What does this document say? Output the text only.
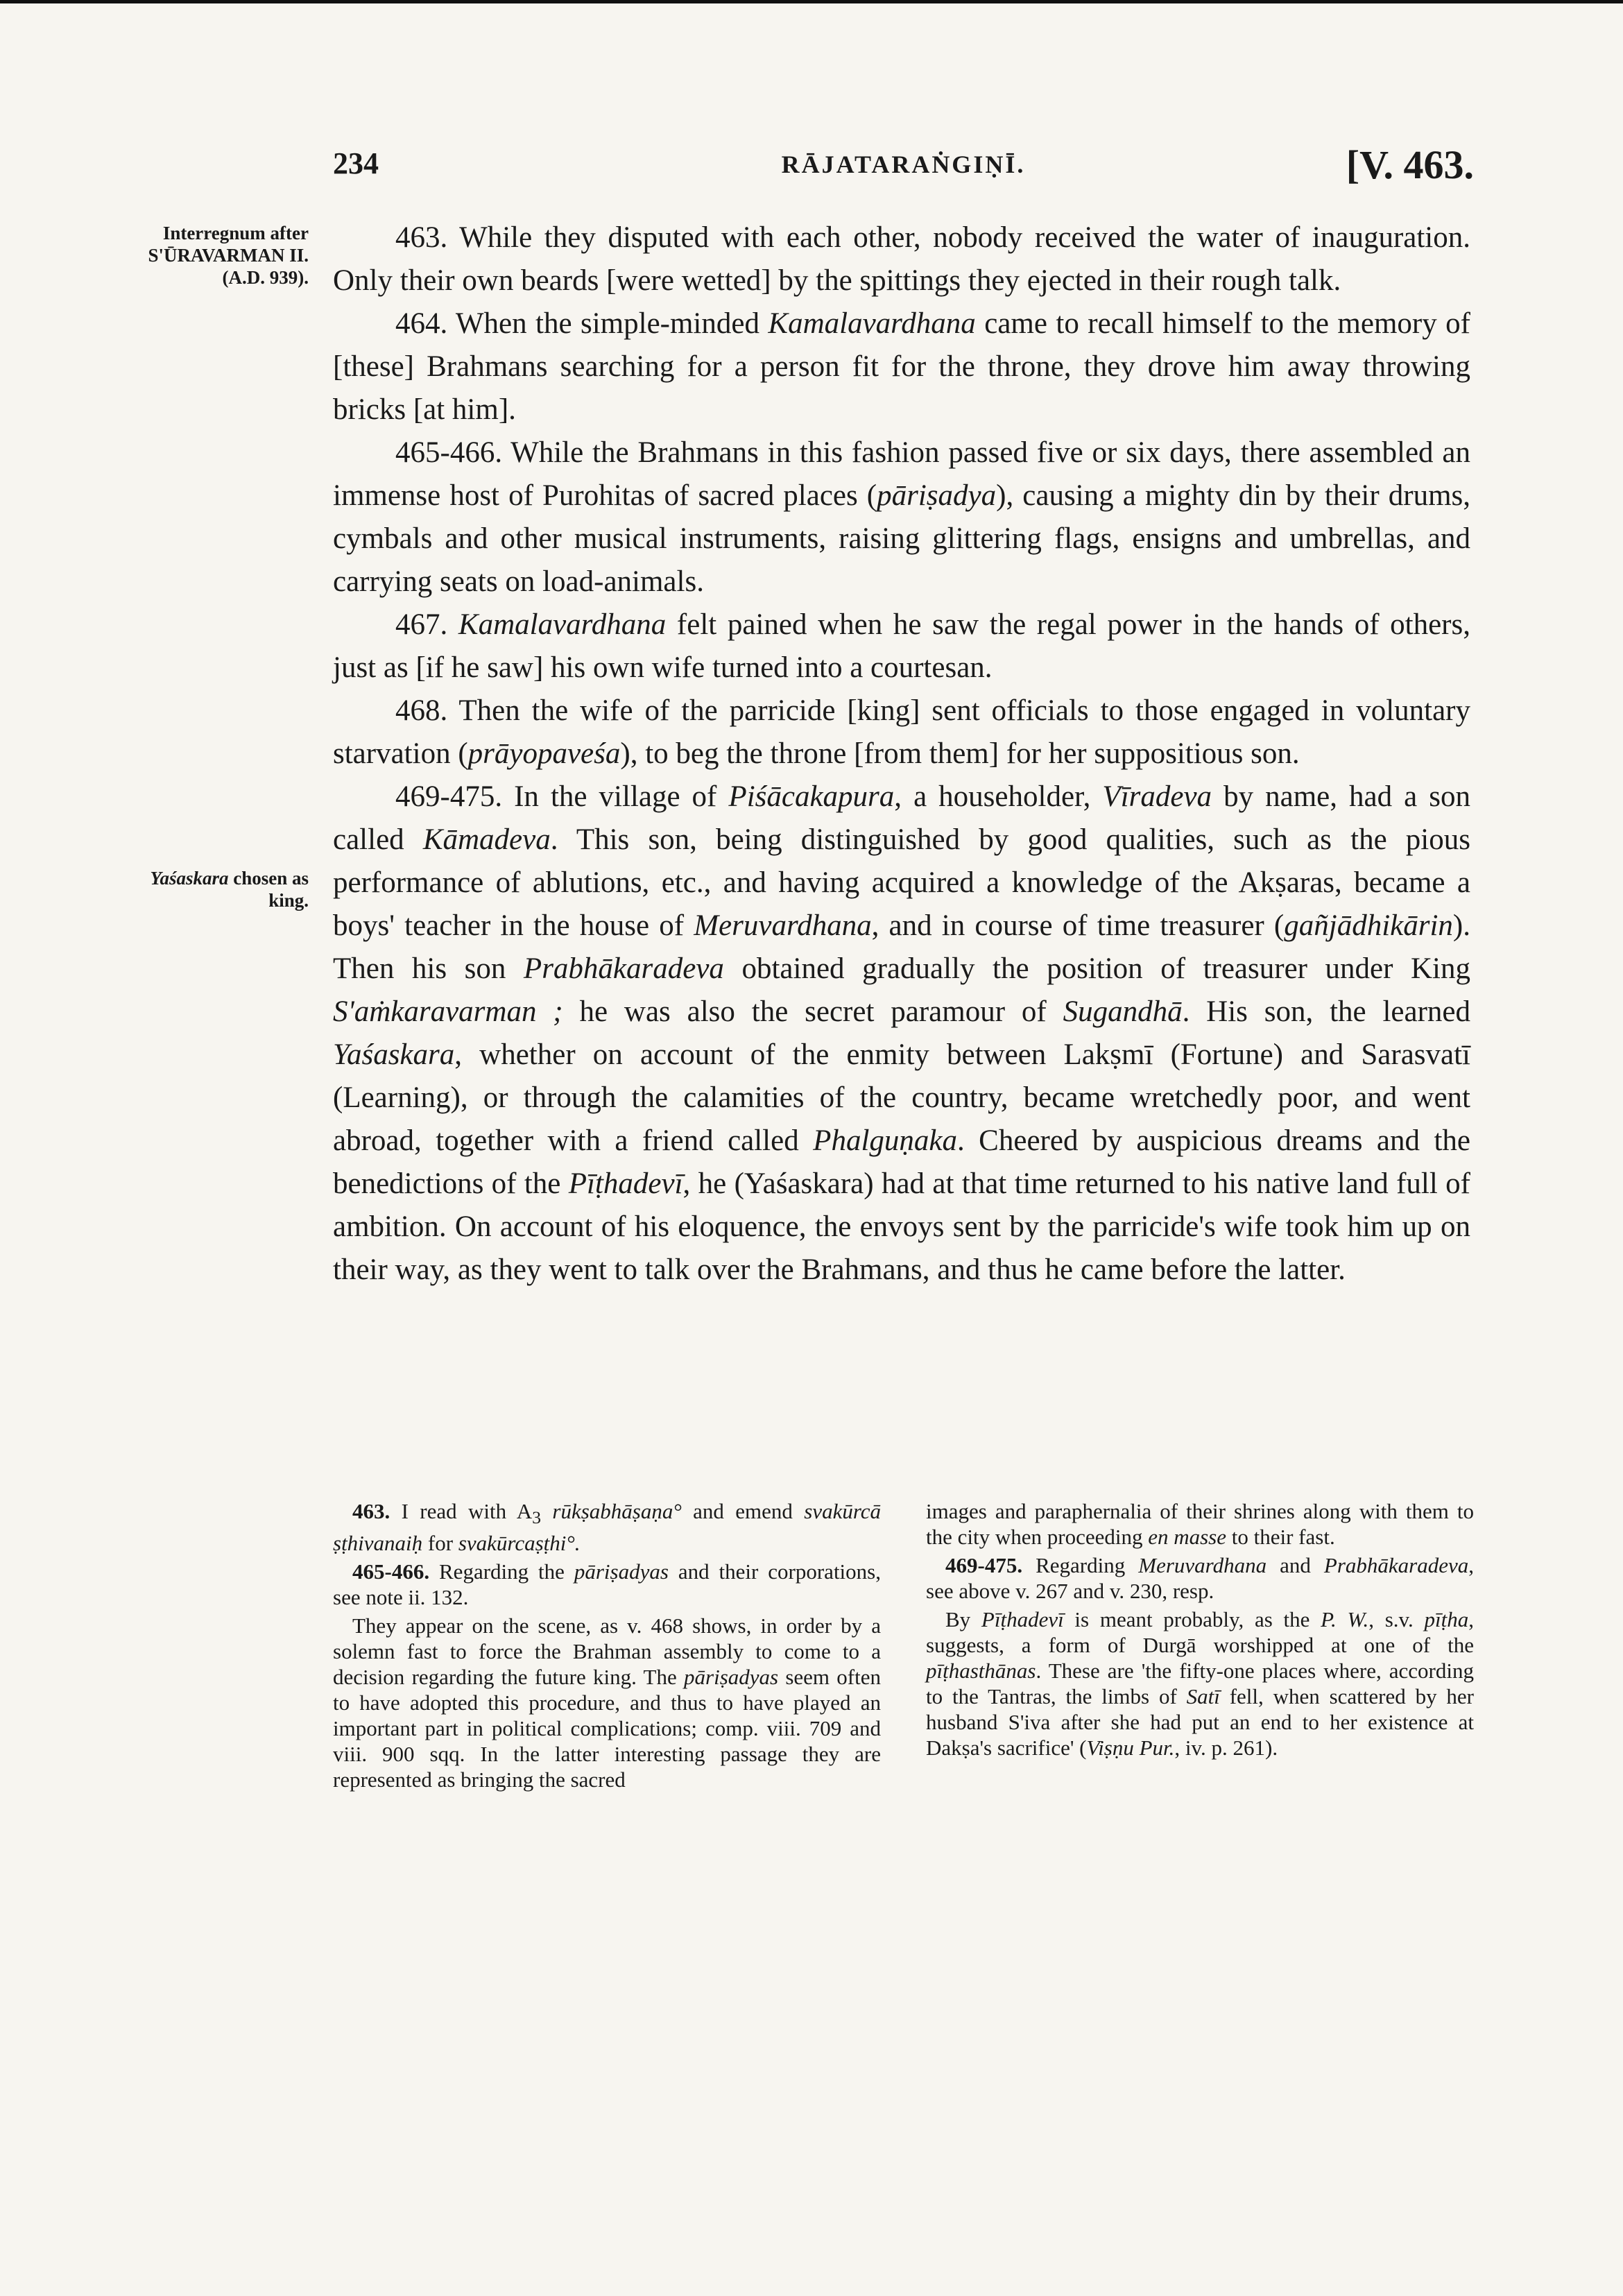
234	RĀJATARAṄGIṆĪ.	[V. 463.
Interregnum after
S'ŪRAVARMAN II.
(A.D. 939).
Yaśaskara chosen as
king.

463. While they disputed with each other, nobody received the water of inauguration. Only their own beards [were wetted] by the spittings they ejected in their rough talk.

464. When the simple-minded Kamalavardhana came to recall himself to the memory of [these] Brahmans searching for a person fit for the throne, they drove him away throwing bricks [at him].

465-466. While the Brahmans in this fashion passed five or six days, there assembled an immense host of Purohitas of sacred places (pāriṣadya), causing a mighty din by their drums, cymbals and other musical instruments, raising glittering flags, ensigns and umbrellas, and carrying seats on load-animals.

467. Kamalavardhana felt pained when he saw the regal power in the hands of others, just as [if he saw] his own wife turned into a courtesan.

468. Then the wife of the parricide [king] sent officials to those engaged in voluntary starvation (prāyopaveśa), to beg the throne [from them] for her suppositious son.

469-475. In the village of Piśācakapura, a householder, Vīradeva by name, had a son called Kāmadeva. This son, being distinguished by good qualities, such as the pious performance of ablutions, etc., and having acquired a knowledge of the Akṣaras, became a boys' teacher in the house of Meruvardhana, and in course of time treasurer (gañjādhikārin). Then his son Prabhākaradeva obtained gradually the position of treasurer under King S'aṁkaravarman ; he was also the secret paramour of Sugandhā. His son, the learned Yaśaskara, whether on account of the enmity between Lakṣmī (Fortune) and Sarasvatī (Learning), or through the calamities of the country, became wretchedly poor, and went abroad, together with a friend called Phalguṇaka. Cheered by auspicious dreams and the benedictions of the Pīṭhadevī, he (Yaśaskara) had at that time returned to his native land full of ambition. On account of his eloquence, the envoys sent by the parricide's wife took him up on their way, as they went to talk over the Brahmans, and thus he came before the latter.

463. I read with $A_3$ rūkṣabhāṣaṇa° and emend svakūrcā ṣṭhivanaiḥ for svakūrcaṣṭhi°.

465-466. Regarding the pāriṣadyas and their corporations, see note ii. 132.

They appear on the scene, as v. 468 shows, in order by a solemn fast to force the Brahman assembly to come to a decision regarding the future king. The pāriṣadyas seem often to have adopted this procedure, and thus to have played an important part in political complications; comp. viii. 709 and viii. 900 sqq. In the latter interesting passage they are represented as bringing the sacred

images and paraphernalia of their shrines along with them to the city when proceeding en masse to their fast.

469-475. Regarding Meruvardhana and Prabhākaradeva, see above v. 267 and v. 230, resp.

By Pīṭhadevī is meant probably, as the P. W., s.v. pīṭha, suggests, a form of Durgā worshipped at one of the pīṭhasthānas. These are 'the fifty-one places where, according to the Tantras, the limbs of Satī fell, when scattered by her husband S'iva after she had put an end to her existence at Dakṣa's sacrifice' (Viṣṇu Pur., iv. p. 261).
